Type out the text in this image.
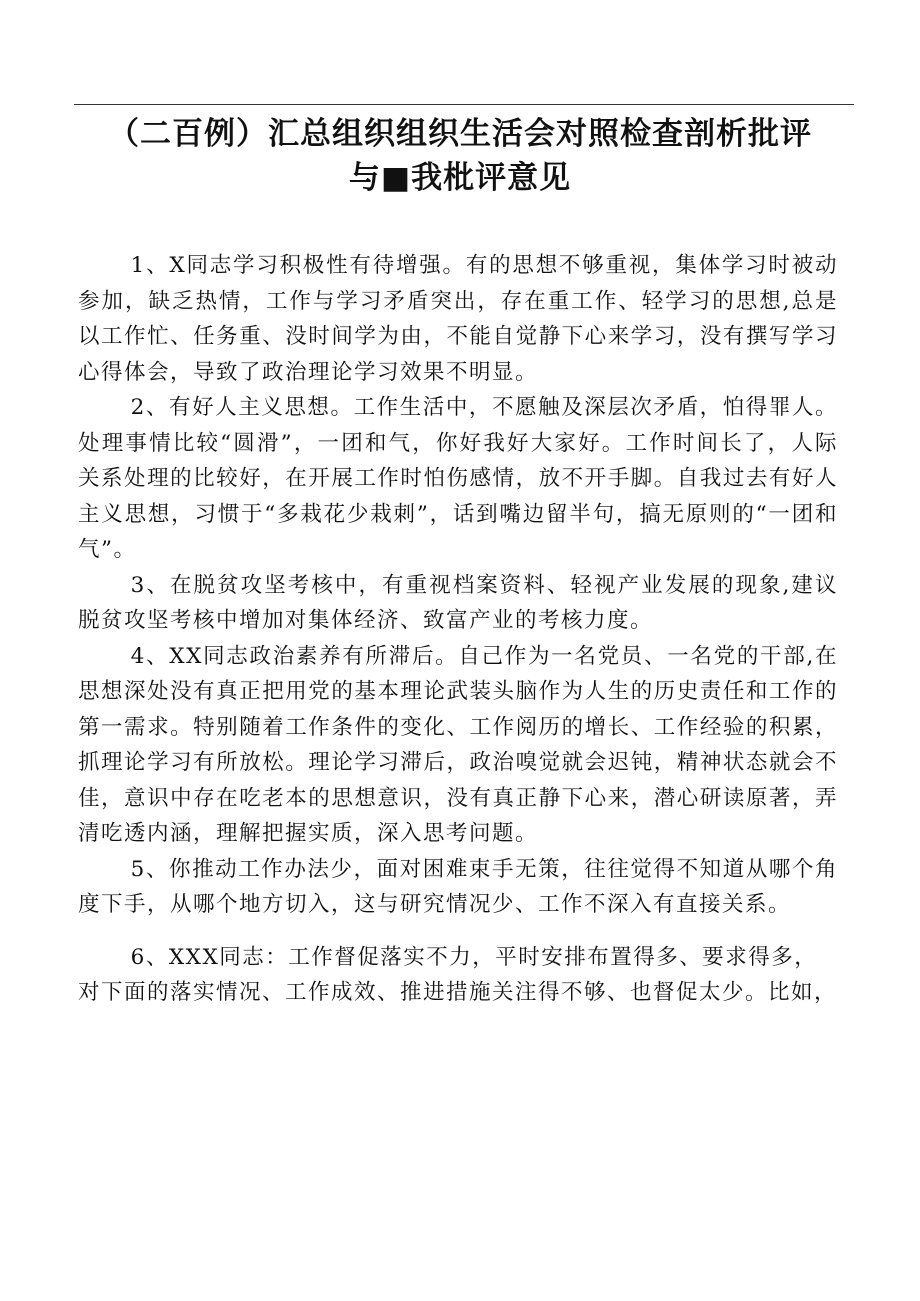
（二百例）汇总组织组织生活会对照检查剖析批评
与■我枇评意见

1、X同志学习积极性有待增强。有的思想不够重视，集体学习时被动参加，缺乏热情，工作与学习矛盾突出，存在重工作、轻学习的思想,总是以工作忙、任务重、没时间学为由，不能自觉静下心来学习，没有撰写学习心得体会，导致了政治理论学习效果不明显。

2、有好人主义思想。工作生活中，不愿触及深层次矛盾，怕得罪人。处理事情比较“圆滑”，一团和气，你好我好大家好。工作时间长了，人际关系处理的比较好，在开展工作时怕伤感情，放不开手脚。自我过去有好人主义思想，习惯于“多栽花少栽刺”，话到嘴边留半句，搞无原则的“一团和气”。

3、在脱贫攻坚考核中，有重视档案资料、轻视产业发展的现象,建议脱贫攻坚考核中增加对集体经济、致富产业的考核力度。

4、XX同志政治素养有所滞后。自己作为一名党员、一名党的干部,在思想深处没有真正把用党的基本理论武装头脑作为人生的历史责任和工作的第一需求。特别随着工作条件的变化、工作阅历的增长、工作经验的积累，抓理论学习有所放松。理论学习滞后，政治嗅觉就会迟钝，精神状态就会不佳，意识中存在吃老本的思想意识，没有真正静下心来，潜心研读原著，弄清吃透内涵，理解把握实质，深入思考问题。

5、你推动工作办法少，面对困难束手无策，往往觉得不知道从哪个角度下手，从哪个地方切入，这与研究情况少、工作不深入有直接关系。

6、XXX同志：工作督促落实不力，平时安排布置得多、要求得多，
对下面的落实情况、工作成效、推进措施关注得不够、也督促太少。比如，
